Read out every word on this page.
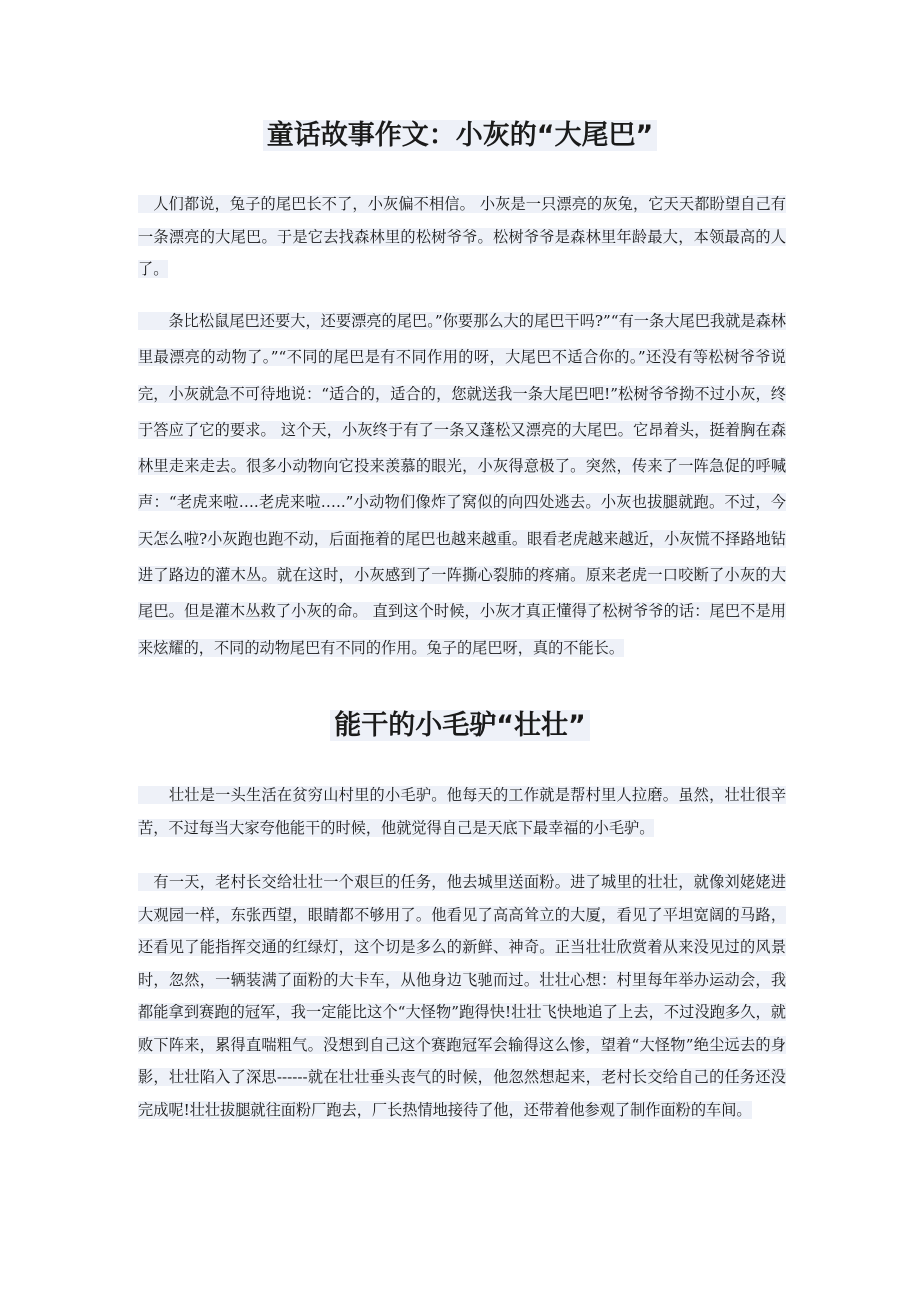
童话故事作文：小灰的“大尾巴”

　人们都说，兔子的尾巴长不了，小灰偏不相信。 小灰是一只漂亮的灰兔，它天天都盼望自己有一条漂亮的大尾巴。于是它去找森林里的松树爷爷。松树爷爷是森林里年龄最大，本领最高的人了。

　　条比松鼠尾巴还要大，还要漂亮的尾巴。”你要那么大的尾巴干吗?”“有一条大尾巴我就是森林里最漂亮的动物了。”“不同的尾巴是有不同作用的呀，大尾巴不适合你的。”还没有等松树爷爷说完，小灰就急不可待地说：“适合的，适合的，您就送我一条大尾巴吧!”松树爷爷拗不过小灰，终于答应了它的要求。 这个天，小灰终于有了一条又蓬松又漂亮的大尾巴。它昂着头，挺着胸在森林里走来走去。很多小动物向它投来羡慕的眼光，小灰得意极了。突然，传来了一阵急促的呼喊声：“老虎来啦….老虎来啦…..”小动物们像炸了窝似的向四处逃去。小灰也拔腿就跑。不过，今天怎么啦?小灰跑也跑不动，后面拖着的尾巴也越来越重。眼看老虎越来越近，小灰慌不择路地钻进了路边的灌木丛。就在这时，小灰感到了一阵撕心裂肺的疼痛。原来老虎一口咬断了小灰的大尾巴。但是灌木丛救了小灰的命。 直到这个时候，小灰才真正懂得了松树爷爷的话：尾巴不是用来炫耀的，不同的动物尾巴有不同的作用。兔子的尾巴呀，真的不能长。

能干的小毛驴“壮壮”

　　壮壮是一头生活在贫穷山村里的小毛驴。他每天的工作就是帮村里人拉磨。虽然，壮壮很辛苦，不过每当大家夸他能干的时候，他就觉得自己是天底下最幸福的小毛驴。

　有一天，老村长交给壮壮一个艰巨的任务，他去城里送面粉。进了城里的壮壮，就像刘姥姥进大观园一样，东张西望，眼睛都不够用了。他看见了高高耸立的大厦，看见了平坦宽阔的马路，还看见了能指挥交通的红绿灯，这个切是多么的新鲜、神奇。正当壮壮欣赏着从来没见过的风景时，忽然，一辆装满了面粉的大卡车，从他身边飞驰而过。壮壮心想：村里每年举办运动会，我都能拿到赛跑的冠军，我一定能比这个“大怪物”跑得快!壮壮飞快地追了上去，不过没跑多久，就败下阵来，累得直喘粗气。没想到自己这个赛跑冠军会输得这么惨，望着“大怪物”绝尘远去的身影，壮壮陷入了深思------就在壮壮垂头丧气的时候，他忽然想起来，老村长交给自己的任务还没完成呢!壮壮拔腿就往面粉厂跑去，厂长热情地接待了他，还带着他参观了制作面粉的车间。
